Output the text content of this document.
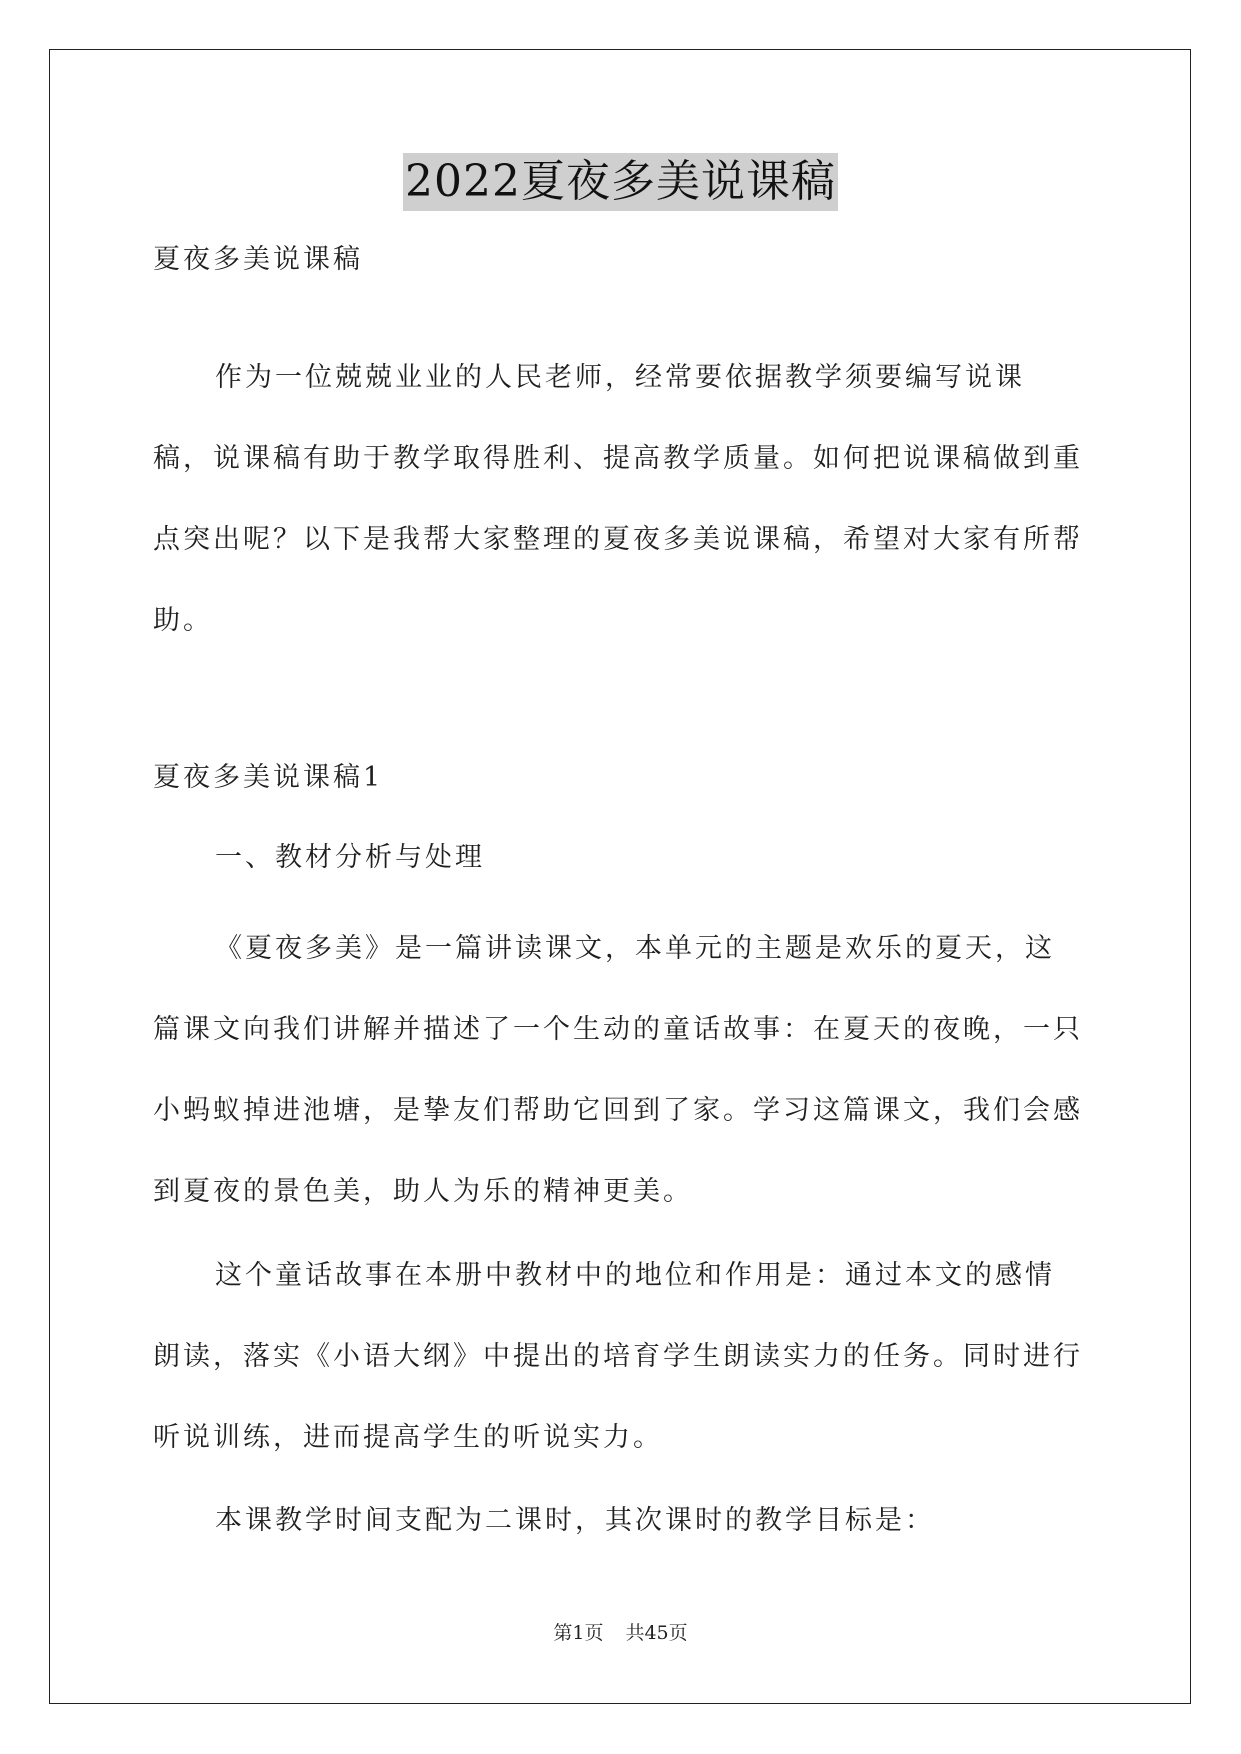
2022夏夜多美说课稿
夏夜多美说课稿

作为一位兢兢业业的人民老师，经常要依据教学须要编写说课稿，说课稿有助于教学取得胜利、提高教学质量。如何把说课稿做到重点突出呢？以下是我帮大家整理的夏夜多美说课稿，希望对大家有所帮助。

夏夜多美说课稿1
一、教材分析与处理

《夏夜多美》是一篇讲读课文，本单元的主题是欢乐的夏天，这篇课文向我们讲解并描述了一个生动的童话故事：在夏天的夜晚，一只小蚂蚁掉进池塘，是挚友们帮助它回到了家。学习这篇课文，我们会感到夏夜的景色美，助人为乐的精神更美。

这个童话故事在本册中教材中的地位和作用是：通过本文的感情朗读，落实《小语大纲》中提出的培育学生朗读实力的任务。同时进行听说训练，进而提高学生的听说实力。

本课教学时间支配为二课时，其次课时的教学目标是：

第1页 共45页
